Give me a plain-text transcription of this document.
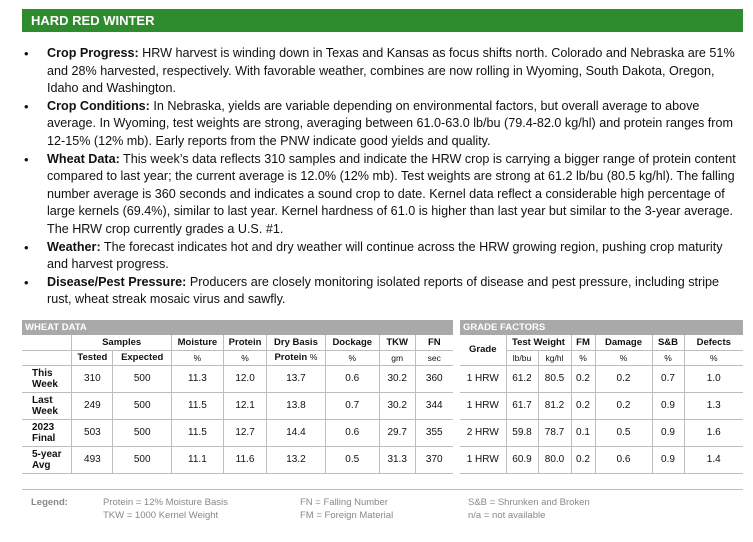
HARD RED WINTER
• Crop Progress: HRW harvest is winding down in Texas and Kansas as focus shifts north. Colorado and Nebraska are 51% and 28% harvested, respectively. With favorable weather, combines are now rolling in Wyoming, South Dakota, Oregon, Idaho and Washington.
• Crop Conditions: In Nebraska, yields are variable depending on environmental factors, but overall average to above average. In Wyoming, test weights are strong, averaging between 61.0-63.0 lb/bu (79.4-82.0 kg/hl) and protein ranges from 12-15% (12% mb). Early reports from the PNW indicate good yields and quality.
• Wheat Data: This week’s data reflects 310 samples and indicate the HRW crop is carrying a bigger range of protein content compared to last year; the current average is 12.0% (12% mb). Test weights are strong at 61.2 lb/bu (80.5 kg/hl). The falling number average is 360 seconds and indicates a sound crop to date. Kernel data reflect a considerable high percentage of large kernels (69.4%), similar to last year. Kernel hardness of 61.0 is higher than last year but similar to the 3-year average. The HRW crop currently grades a U.S. #1.
• Weather: The forecast indicates hot and dry weather will continue across the HRW growing region, pushing crop maturity and harvest progress.
• Disease/Pest Pressure: Producers are closely monitoring isolated reports of disease and pest pressure, including stripe rust, wheat streak mosaic virus and sawfly.
WHEAT DATA
	Samples		Moisture	Protein	Dry Basis	Dockage	TKW	FN
	Tested	Expected	%	%	Protein %	%	gm	sec
This
Week	310	500	11.3	12.0	13.7	0.6	30.2	360
Last
Week	249	500	11.5	12.1	13.8	0.7	30.2	344
2023
Final	503	500	11.5	12.7	14.4	0.6	29.7	355
5-year
Avg	493	500	11.1	11.6	13.2	0.5	31.3	370
GRADE FACTORS
Grade	Test Weight		FM	Damage	S&B	Defects
	lb/bu	kg/hl	%	%	%	%
1 HRW	61.2	80.5	0.2	0.2	0.7	1.0
1 HRW	61.7	81.2	0.2	0.2	0.9	1.3
2 HRW	59.8	78.7	0.1	0.5	0.9	1.6
1 HRW	60.9	80.0	0.2	0.6	0.9	1.4
Legend:	Protein = 12% Moisture Basis
TKW = 1000 Kernel Weight
FN = Falling Number
FM = Foreign Material
S&B = Shrunken and Broken
n/a = not available
